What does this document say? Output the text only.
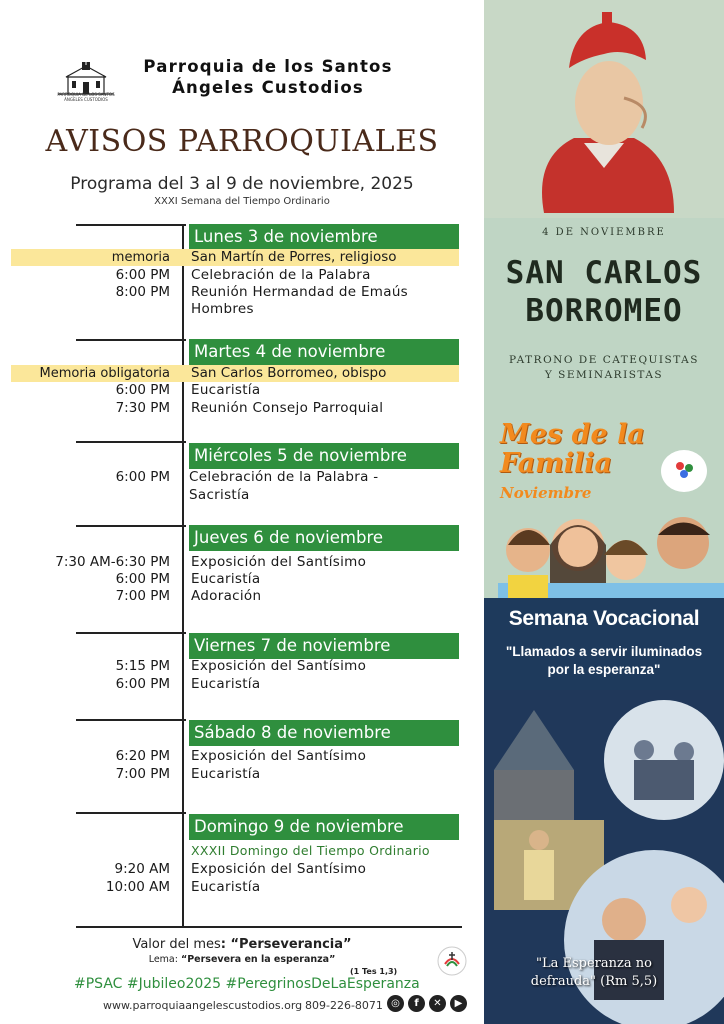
PARROQUIA DE LOS SANTOS ÁNGELES CUSTODIOS
Parroquia de los Santos
Ángeles Custodios
AVISOS PARROQUIALES
Programa del 3 al 9 de noviembre, 2025
XXXI Semana del Tiempo Ordinario
Lunes 3 de noviembre
memoria San Martín de Porres, religioso
6:00 PM Celebración de la Palabra
8:00 PM Reunión Hermandad de Emaús
Hombres
Martes 4 de noviembre
Memoria obligatoria San Carlos Borromeo, obispo
6:00 PM Eucaristía
7:30 PM Reunión Consejo Parroquial
Miércoles 5 de noviembre
6:00 PM Celebración de la Palabra -
Sacristía
Jueves 6 de noviembre
7:30 AM-6:30 PM Exposición del Santísimo
6:00 PM Eucaristía
7:00 PM Adoración
Viernes 7 de noviembre
5:15 PM Exposición del Santísimo
6:00 PM Eucaristía
Sábado 8 de noviembre
6:20 PM Exposición del Santísimo
7:00 PM Eucaristía
Domingo 9 de noviembre
XXXII Domingo del Tiempo Ordinario
9:20 AM Exposición del Santísimo
10:00 AM Eucaristía
Valor del mes: “Perseverancia”
Lema: “Persevera en la esperanza”
(1 Tes 1,3)
#PSAC #Jubileo2025 #PeregrinosDeLaEsperanza
www.parroquiaangelescustodios.org 809-226-8071 ◎	f	✕	▶
4 DE NOVIEMBRE
SAN CARLOS
BORROMEO
PATRONO DE CATEQUISTAS
Y SEMINARISTAS
Mes de la
Familia
Noviembre
Semana Vocacional
"Llamados a servir iluminados
por la esperanza"
"La Esperanza no
defrauda" (Rm 5,5)
